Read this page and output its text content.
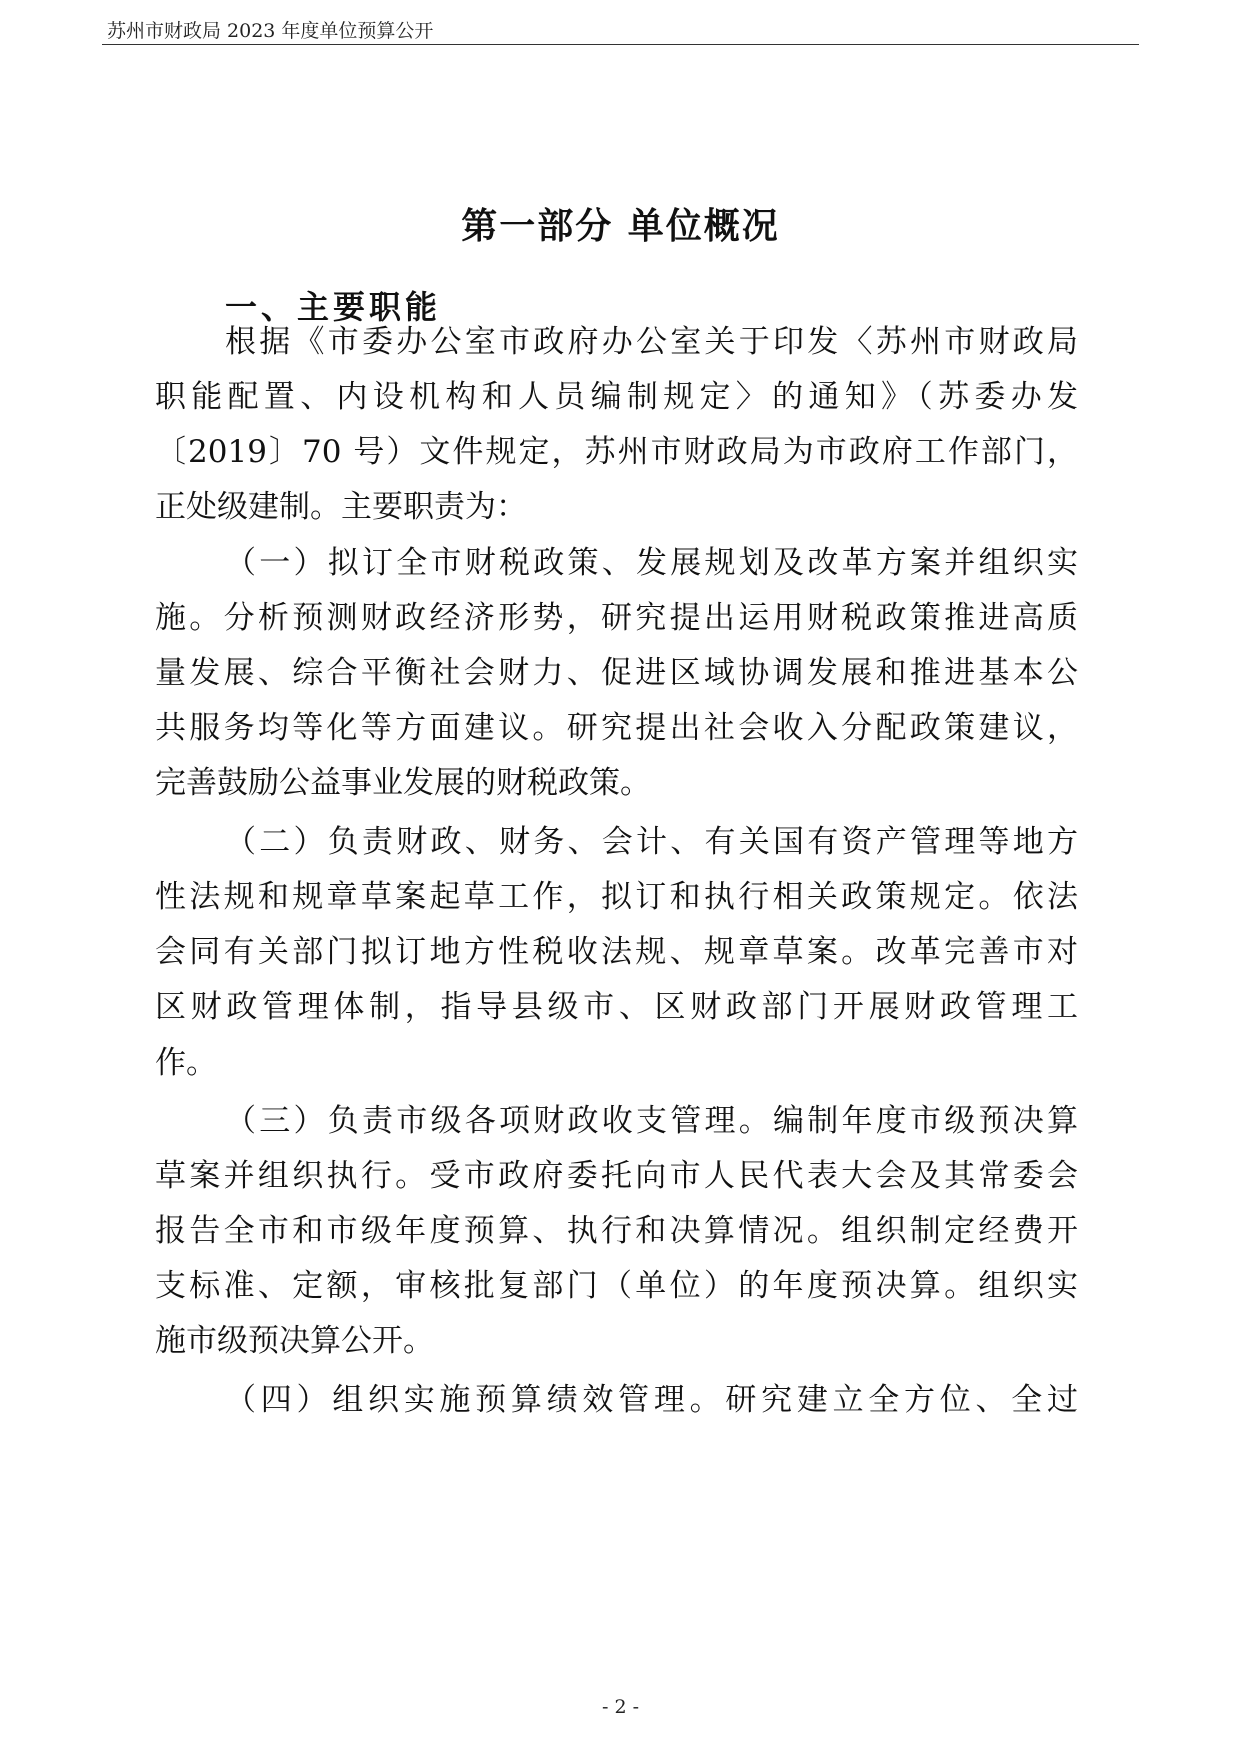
苏州市财政局 2023 年度单位预算公开
第一部分 单位概况
一、主要职能
根据《市委办公室市政府办公室关于印发〈苏州市财政局
职能配置、内设机构和人员编制规定〉的通知》（苏委办发
〔2019〕70 号）文件规定，苏州市财政局为市政府工作部门，
正处级建制。主要职责为：
（一）拟订全市财税政策、发展规划及改革方案并组织实
施。分析预测财政经济形势，研究提出运用财税政策推进高质
量发展、综合平衡社会财力、促进区域协调发展和推进基本公
共服务均等化等方面建议。研究提出社会收入分配政策建议，
完善鼓励公益事业发展的财税政策。
（二）负责财政、财务、会计、有关国有资产管理等地方
性法规和规章草案起草工作，拟订和执行相关政策规定。依法
会同有关部门拟订地方性税收法规、规章草案。改革完善市对
区财政管理体制，指导县级市、区财政部门开展财政管理工
作。
（三）负责市级各项财政收支管理。编制年度市级预决算
草案并组织执行。受市政府委托向市人民代表大会及其常委会
报告全市和市级年度预算、执行和决算情况。组织制定经费开
支标准、定额，审核批复部门（单位）的年度预决算。组织实
施市级预决算公开。
（四）组织实施预算绩效管理。研究建立全方位、全过
- 2 -
